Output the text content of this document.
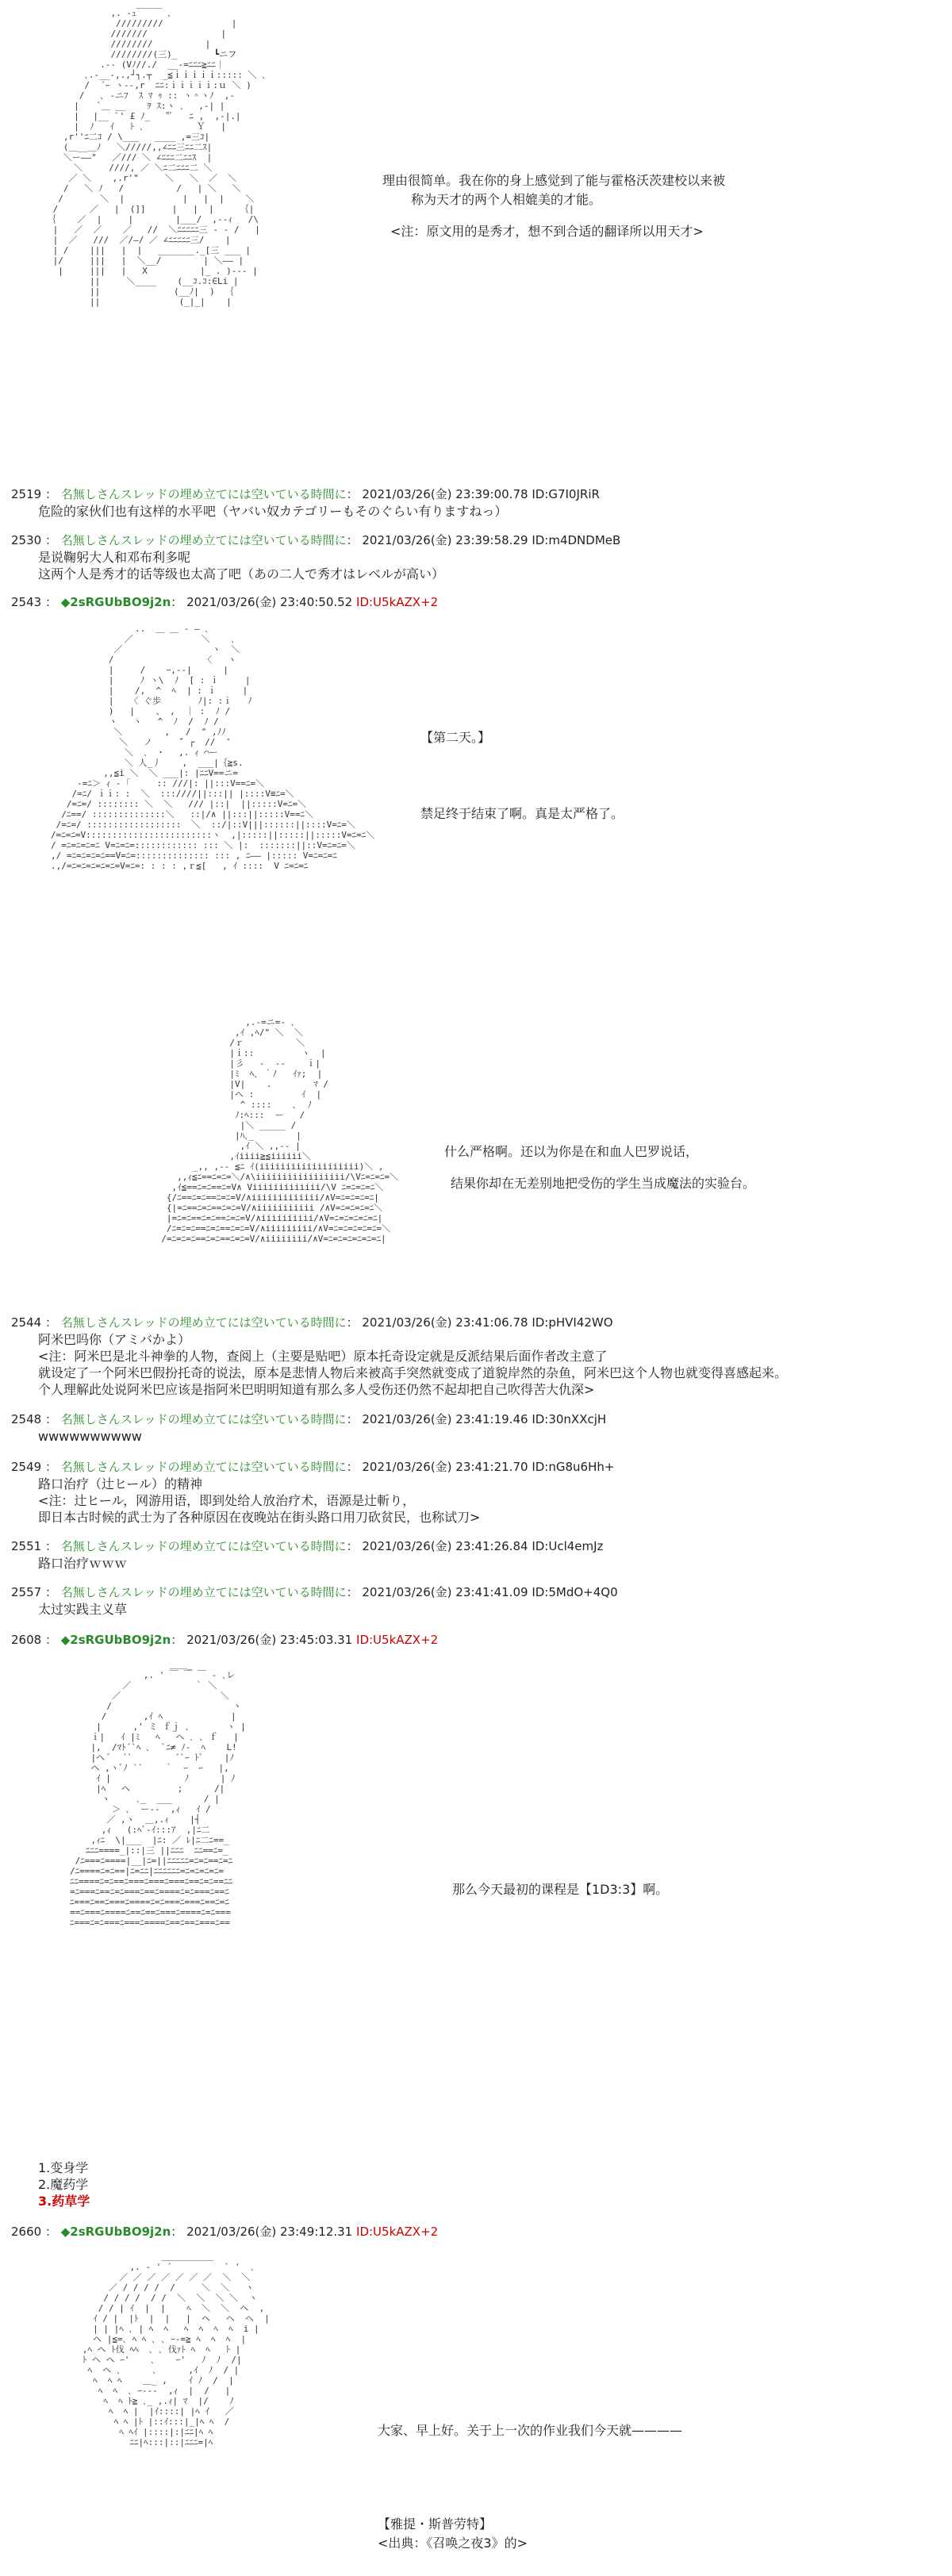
,. -ｭ￣￣￣ ､
/////////             |
///////              |
////////          |
////////(三)_       ┗ニフ
.-- (Vﾉ//./  __-=ﾆﾆﾆ≧ﾆﾆ｜
､.-__‐,.,┘┐.┬  _≦ｉｉｉｉｉ::::: ＼ ､
/  ´ｰ ヽ‐‐,r  ﾆﾆ:ｉｉｉｉｉ:ｕ ＼ )
/   ､ ‐ニﾌ  ｽ ﾏ ｩ :: ヽ＾ヽﾉ  ,-
|    ﾞ＿ __    ｦ ｽ:ヽ ､ 　,-| |
| 　|__ `' £ ﾉ_   "ﾞ   ﾆ ,  ,-|.|
|  ﾉ   ｲ   ﾄ ､          Ｙ   |
,r''ﾆ二ｺ / \___   ____ ,=三ｺ|
(＿__＿ﾉ   ＼/////,,∠ﾆﾆ三ﾆﾆ二ｽ|
＼ー――"   ／/// ＼ ∠ﾆﾆﾆ二ﾆﾆｽ  |
＼     ////, ／ ＼ﾆ二ﾆﾆﾆ二 ＼
／ ＼    ,.r'"     ＼   ＼  ／  ＼
/   ＼ ﾉ   /          /   | ＼   ＼
/       ＼  |           |   |  |    ＼
/      ／   |  (]]     |   |  |     ｛|
｛    ／  |     |        |___/  ,--ｨ   /\
|   ／  ／    ／   //  ＼ﾆﾆﾆﾆﾆ三 ‐ ‐ /   |
|  ／   ///  ／/―/ ／ ∠ﾆﾆﾆﾆﾆ三/    |
| /    |||   |  |   _______._[三 ___ |
|/     |||   |  ＼__/        | ＼―― |
|     |||   |   X          |_ . )--- |
||     ＼____    (__ｺ.ｺ:∈Li |
||              (__ﾉ|  )  ｛
||               (_|_|    |

理由很简单。我在你的身上感觉到了能与霍格沃茨建校以来被
称为天才的两个人相媲美的才能。
<注：原文用的是秀才，想不到合适的翻译所以用天才>
2519 ： 名無しさんスレッドの埋め立てには空いている時間に： 2021/03/26(金) 23:39:00.78 ID:G7I0JRiR
危险的家伙们也有这样的水平吧（ヤバい奴カテゴリーもそのぐらい有りますねっ）
2530 ： 名無しさんスレッドの埋め立てには空いている時間に： 2021/03/26(金) 23:39:58.29 ID:m4DNDMeB
是说鞠躬大人和邓布利多呢
这两个人是秀才的话等级也太高了吧（あの二人で秀才はレベルが高い）
2543 ： ◆2sRGUbBO9j2n： 2021/03/26(金) 23:40:50.52 ID:U5kAZX+2
..  ＿ ＿ - ― ､
／             ＼    ､
／                 ヽ  ＼
/                 〈   ヽ
|     /    ｰ,-‐|      |
|     ﾉ ヽ\  ﾉ  [ : ｉ     |
|    /,  ^  ﾍ  | : ｉ     |
|   〈 ぐ歩       ﾉ|: :ｉ   ﾉ
)   |    、 ,  ｜ :  ﾉ /
ヽ   ヽ   ^  ﾉ  /  ﾉ /
＼        ,   /  " ,ﾉﾉ
＼   ノ     ̄´ ┌  //  ″
＼  ､  ･   ,. ｨ ⌒ー
＼ 人_丿    ,  ___|｛≧s.
,,≦i ＼  ＼ ___|: |ﾆﾆV==ニ=
-=ﾆ＞ ｨ ‐ ｢     :: ///|: ||:::V==ﾆ=＼
/=ﾆ/ ｉｉ: :  ＼  :::////||:::|| |::::V≡ﾆ=＼
/=ﾆ=/ :::::::: ＼  ＼   /// |::|  ||:::::V=ﾆ=＼
/ﾆ==/ ::::::::::::::＼   ::|/∧ ||:::||:::::V==ﾆ＼
/=ﾆ=/ ::::::::::::::::::  ＼  ::/|::V|||::::::||::::V=ﾆ=＼
/=ﾆ=ﾆ=V::::::::::::::::::::::::ヽ  ,|:::::||:::::||:::::V=ﾆ=ﾆ＼
/ =ﾆ=ﾆ=ﾆ=ﾆ V=ﾆ=ﾆ=:::::::::::: ::: ＼ |:  :::::::||::V=ﾆ=ﾆ=＼
,/ =ﾆ=ﾆ=ﾆ=ﾆ==V=ﾆ=:::::::::::::: ::: , ﾆ―― |::::: V=ﾆ=ﾆ=ﾆ
.,/=ﾆ=ﾆ=ﾆ=ﾆ=ﾆ=V=ﾆ=: : : : ,ｒ≦[   , ｲ ::::  V ﾆ=ﾆ=ﾆ

【第二天。】
禁足终于结束了啊。真是太严格了。
,.-=ニ=- ､
,ｲ ,ﾍ/" ＼  ＼
/ｒ          ＼
|ｉ::         ヽ  |
|彡   ‐  ‐‐    ｉ|
|ﾐ  ﾍ､ ｀ﾉ   ｲｧ;  |
|V|    .        ﾏ /
|ヘ :         ｲ  |
^ ::::    ､  ﾉ
ﾉ:ﾍ:::  ー   /
|＼ _____ /
|ﾊ､_        |
,ｲ ＼ ,,-‐ |
,ｲiiii≧≦iiiiii＼
_,, ,-‐ ≦ﾆ ｲ(iiiiiiiiiiiiiiiiiii)＼ ,
,,ｨ≦ﾆ==ﾆ=ﾆ=＼/∧\iiiiiiiiiiiiiiiii/\Vﾆ=ﾆ=ﾆ=＼
,ｲ≦==ﾆ=ﾆ==ﾆ=V∧ Viiiiiiiiiiiii/\V ﾆ=ﾆ=ﾆ=ﾆ＼
{/ﾆ==ﾆ=ﾆ==ﾆ=ﾆ=V/∧iiiiiiiiiiiii/∧V=ﾆ=ﾆ=ﾆ=ﾆ|
{|=ﾆ==ﾆ=ﾆ==ﾆ=ﾆ=V/∧iiiiiiiiiii /∧V=ﾆ=ﾆ=ﾆ=ﾆ＼
|=ﾆ=ﾆ==ﾆ=ﾆ==ﾆ=ﾆ=V/∧iiiiiiiiii/∧V=ﾆ=ﾆ=ﾆ=ﾆ=ﾆ|
/ﾆ=ﾆ=ﾆ==ﾆ=ﾆ==ﾆ=ﾆ=V/∧iiiiiiiii/∧V=ﾆ=ﾆ=ﾆ=ﾆ=ﾆ=＼
/=ﾆ=ﾆ=ﾆ==ﾆ=ﾆ==ﾆ=ﾆ=V/∧iiiiiiii/∧V=ﾆ=ﾆ=ﾆ=ﾆ=ﾆ=ﾆ|

什么严格啊。还以为你是在和血人巴罗说话，
结果你却在无差别地把受伤的学生当成魔法的实验台。
2544 ： 名無しさんスレッドの埋め立てには空いている時間に： 2021/03/26(金) 23:41:06.78 ID:pHVI42WO
阿米巴吗你（アミバかよ）
<注：阿米巴是北斗神拳的人物，查阅上（主要是贴吧）原本托奇设定就是反派结果后面作者改主意了
就设定了一个阿米巴假扮托奇的说法，原本是悲情人物后来被高手突然就变成了道貌岸然的杂鱼，阿米巴这个人物也就变得喜感起来。
个人理解此处说阿米巴应该是指阿米巴明明知道有那么多人受伤还仍然不起却把自己吹得苦大仇深>
2548 ： 名無しさんスレッドの埋め立てには空いている時間に： 2021/03/26(金) 23:41:19.46 ID:30nXXcjH
wwwwwwwwww
2549 ： 名無しさんスレッドの埋め立てには空いている時間に： 2021/03/26(金) 23:41:21.70 ID:nG8u6Hh+
路口治疗（辻ヒール）的精神
<注：辻ヒール，网游用语，即到处给人放治疗术，语源是辻斬り，
即日本古时候的武士为了各种原因在夜晚站在街头路口用刀砍贫民，也称试刀>
2551 ： 名無しさんスレッドの埋め立てには空いている時間に： 2021/03/26(金) 23:41:26.84 ID:Ucl4emJz
路口治疗ｗｗｗ
2557 ： 名無しさんスレッドの埋め立てには空いている時間に： 2021/03/26(金) 23:41:41.09 ID:5MdO+4Q0
太过实践主义草
2608 ： ◆2sRGUbBO9j2n： 2021/03/26(金) 23:45:03.31 ID:U5kAZX+2
＿＿_
,. ' ￣ ￣ ￣ ‐ ､レ
／            ｀ ＼
／                   ＼
/                       ヽ
/       ,ｲ ﾍ             |
|      ,' ミ ｆｊ ､       ヽ |
ｉ|   ｲ |ﾐ   ﾍ   ヘ ､ ､ ｆ   |
|,  /ﾏﾄ´`ﾍ ､  `ﾆ≠ ﾉ-  ﾍ    L!
|ヘ ﾟ  ´`        ´`ｰ ﾄﾟ    |ﾉ
ヘ ,ヽﾞﾉ ``    ｀  ｰ  ｰ   |,
ｲ |              ﾉ      | ﾉ
|ﾍ   ヘ         ;      /|
ヽ     ､_  ___      / |
＞ ､  ー-‐  ,ｨ   ｲ /
／ ,ヽ  ＿,.ｨ    |┤
,ｨ   (:ﾍﾞ-ｲ:::ｱ  ,|ﾆ二
,ｨﾆ  \|___  |ﾆ: ／ ﾚ|ﾆ二ﾆ==_
ﾆﾆﾆ====_|::|三 ||ﾆﾆﾆ  ﾆﾆ==ﾆ=_
/ﾆ===ﾆ====|__|ﾆ=||ﾆﾆﾆﾆﾆ=ﾆ=ﾆ==ﾆ=ﾆ
/ﾆ====ﾆ=ﾆ==|ﾆ=ﾆﾆ|ﾆﾆﾆﾆﾆﾆ=ﾆ=ﾆ=ﾆ=ﾆ=
ﾆﾆ====ﾆ=ﾆ==ﾆ===ﾆ===ﾆ===ﾆ==ﾆ=ﾆ==ﾆﾆ
=ﾆ===ﾆ==ﾆ=ﾆ===ﾆ==ﾆ====ﾆ=ﾆ===ﾆ==ﾆ
ﾆ===ﾆ==ﾆ===ﾆ====ﾆ=ﾆ===ﾆ===ﾆ==ﾆ=ﾆ
==ﾆ===ﾆ====ﾆ==ﾆ==ﾆ===ﾆ====ﾆ=ﾆ===
ﾆ===ﾆ=ﾆ===ﾆ===ﾆ====ﾆ==ﾆ==ﾆ===ﾆ==

那么今天最初的课程是【1D3:3】啊。
1.变身学
2.魔药学
3.药草学
2660 ： ◆2sRGUbBO9j2n： 2021/03/26(金) 23:49:12.31 ID:U5kAZX+2
＿＿＿＿＿＿
,. - ' ´          ` '  ､
／ ／ ／ ／ ／ ／ ／  ＼  ＼
／ / / / /  /     ＼  ＼   ヽ
/ / / /  / /  ＼  ＼  ＼ ＼  ヽ
/ / | ｲ  |  |    ﾍ  ＼  ＼  ヘ  ,
ｲ / |  |ﾄ  |  |   |  ヘ   ヘ  ヘ  |
| | |ﾍ ､ | ﾍ  ﾍ   ﾍ  ﾍ  ﾍ  ﾍ  i |
ヘ |≦=､ ﾍ ﾍ ､ ､ ｰ-=≧ ﾍ  ﾍ  ﾍ  |
,ﾍ ヘ ﾄ伐 ﾍﾍ  ､ ､ 伐ｧﾄ ﾍ  ﾍ   ﾄ |
ﾄ ヘ ヘ ｰ'    ､    ｰ'   ﾉ  ﾉ  /|
ﾍ  ヘ ､      ､      ,ｲ  ﾉ  / |
ﾍ  ﾍ ﾍ    ＿_ ,    ｲ ﾉ  /  |
ﾍ  ﾍ  ､ ｰ--‐  ,ｨ  |  /   |
ﾍ  ﾍ ﾄ≧ ､_ ,.ｨ| ﾏ  |/    ﾉ
ﾍ  ﾍ |  |ｲ::::| |ﾍ ｲ   ／
ﾍ ﾍ |ﾄ |::ｲ:::|_|ﾍ ﾍ  /
ﾍ ﾍｲ |::::|:|ﾆﾆ|ﾍ ﾍ
ﾆﾆ|ﾍ:::|::|ﾆﾆﾆ=|ﾍ

大家、早上好。关于上一次的作业我们今天就————
【雅提・斯普劳特】
<出典：《召唤之夜3》的>
